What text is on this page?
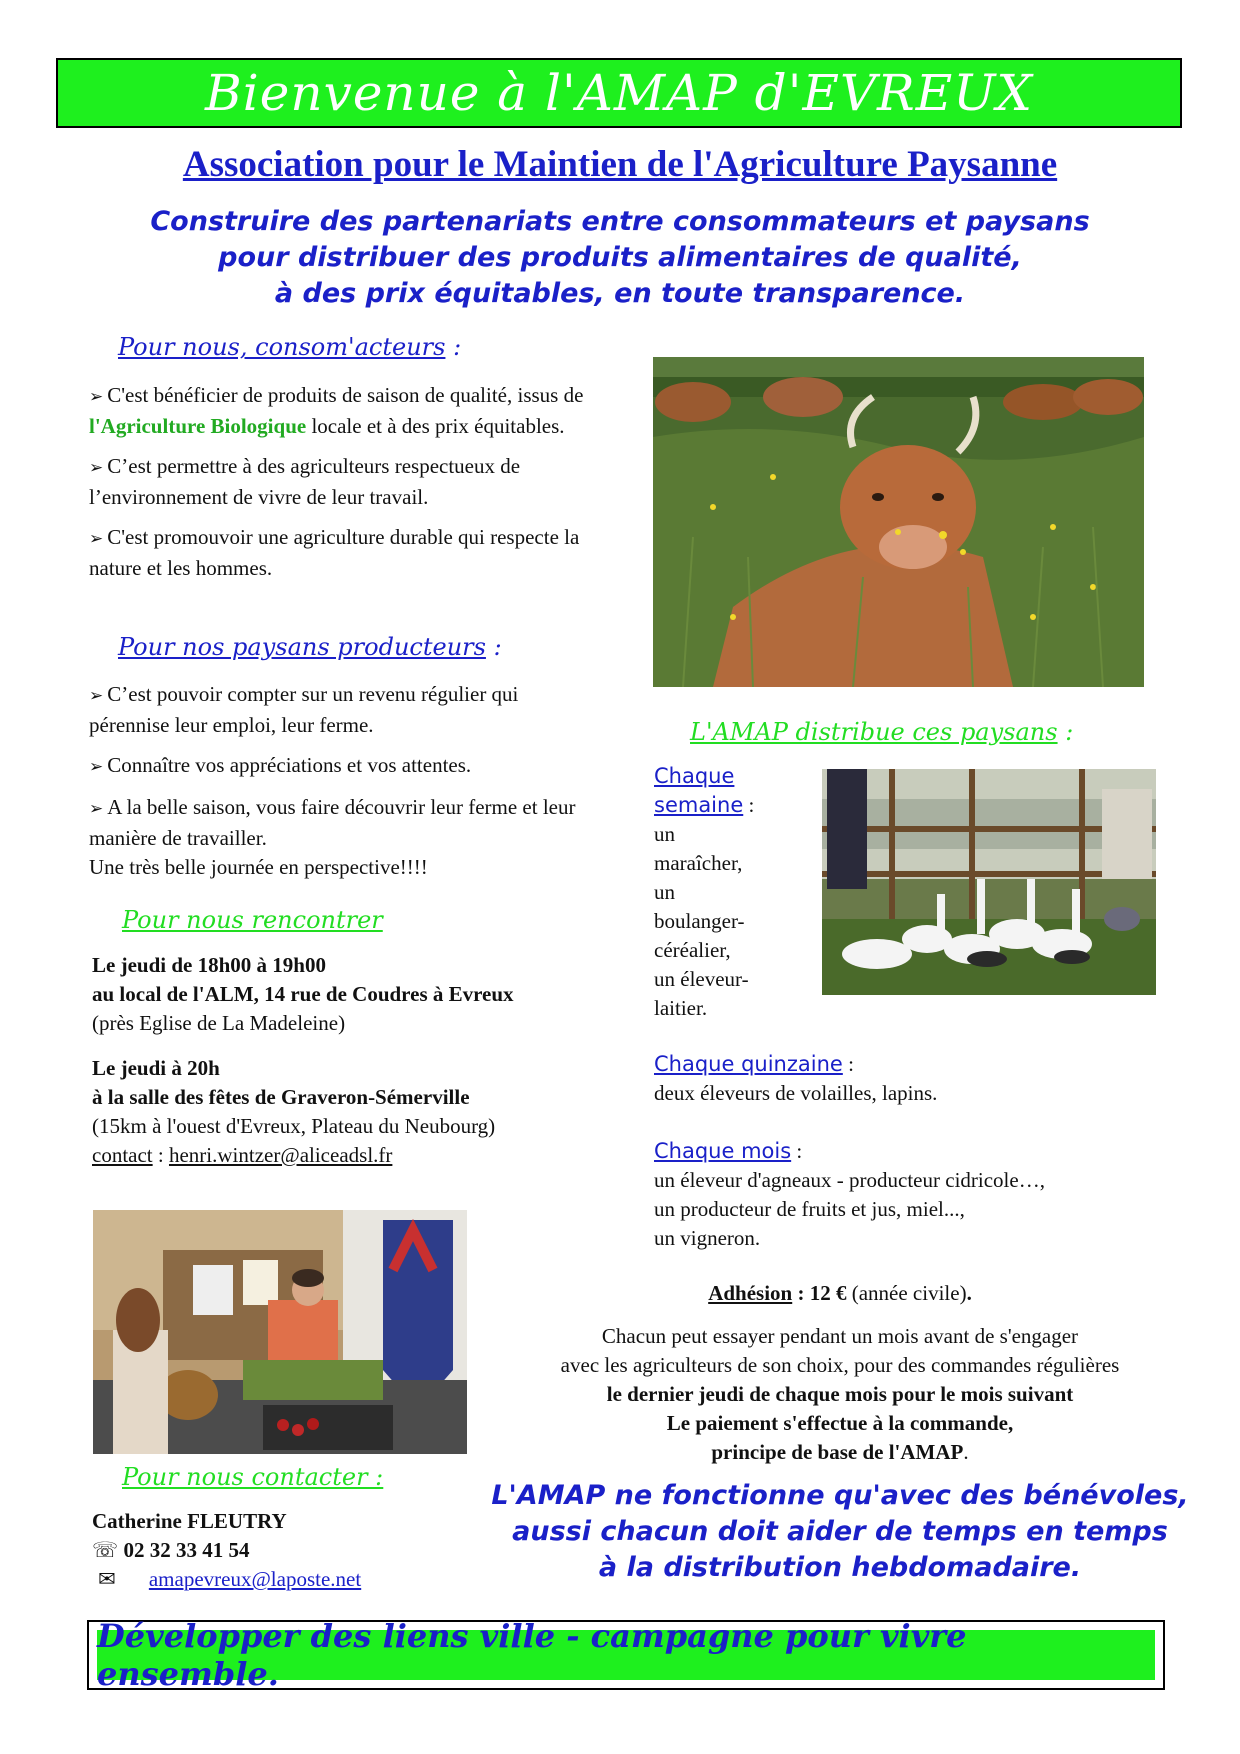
Bienvenue à l'AMAP d'EVREUX
Association pour le Maintien de l'Agriculture Paysanne
Construire des partenariats entre consommateurs et paysans
pour distribuer des produits alimentaires de qualité,
à des prix équitables, en toute transparence.
Pour nous, consom'acteurs :
➢ C'est bénéficier de produits de saison de qualité, issus de l'Agriculture Biologique locale et à des prix équitables.
➢ C’est permettre à des agriculteurs respectueux de l’environnement de vivre de leur travail.
➢ C'est promouvoir une agriculture durable qui respecte la nature et les hommes.
Pour nos paysans producteurs :
➢ C’est pouvoir compter sur un revenu régulier qui pérennise leur emploi, leur ferme.
➢ Connaître vos appréciations et vos attentes.
➢ A la belle saison, vous faire découvrir leur ferme et leur manière de travailler.
Une très belle journée en perspective!!!!
Pour nous rencontrer
Le jeudi de 18h00 à 19h00
au local de l'ALM, 14 rue de Coudres à Evreux
(près Eglise de La Madeleine)
Le jeudi à 20h
à la salle des fêtes de Graveron-Sémerville
(15km à l'ouest d'Evreux, Plateau du Neubourg)
contact : henri.wintzer@aliceadsl.fr
Pour nous contacter :
Catherine FLEUTRY
☏ 02 32 33 41 54
✉ amapevreux@laposte.net
L'AMAP distribue ces paysans :
Chaque
semaine :
un
maraîcher,
un
boulanger-
céréalier,
un éleveur-
laitier.
Chaque quinzaine :
deux éleveurs de volailles, lapins.
Chaque mois :
un éleveur d'agneaux - producteur cidricole…,
un producteur de fruits et jus, miel...,
un vigneron.
Adhésion : 12 € (année civile).
Chacun peut essayer pendant un mois avant de s'engager
avec les agriculteurs de son choix, pour des commandes régulières
le dernier jeudi de chaque mois pour le mois suivant
Le paiement s'effectue à la commande,
principe de base de l'AMAP.
L'AMAP ne fonctionne qu'avec des bénévoles,
aussi chacun doit aider de temps en temps
à la distribution hebdomadaire.
Développer des liens ville - campagne pour vivre ensemble.
